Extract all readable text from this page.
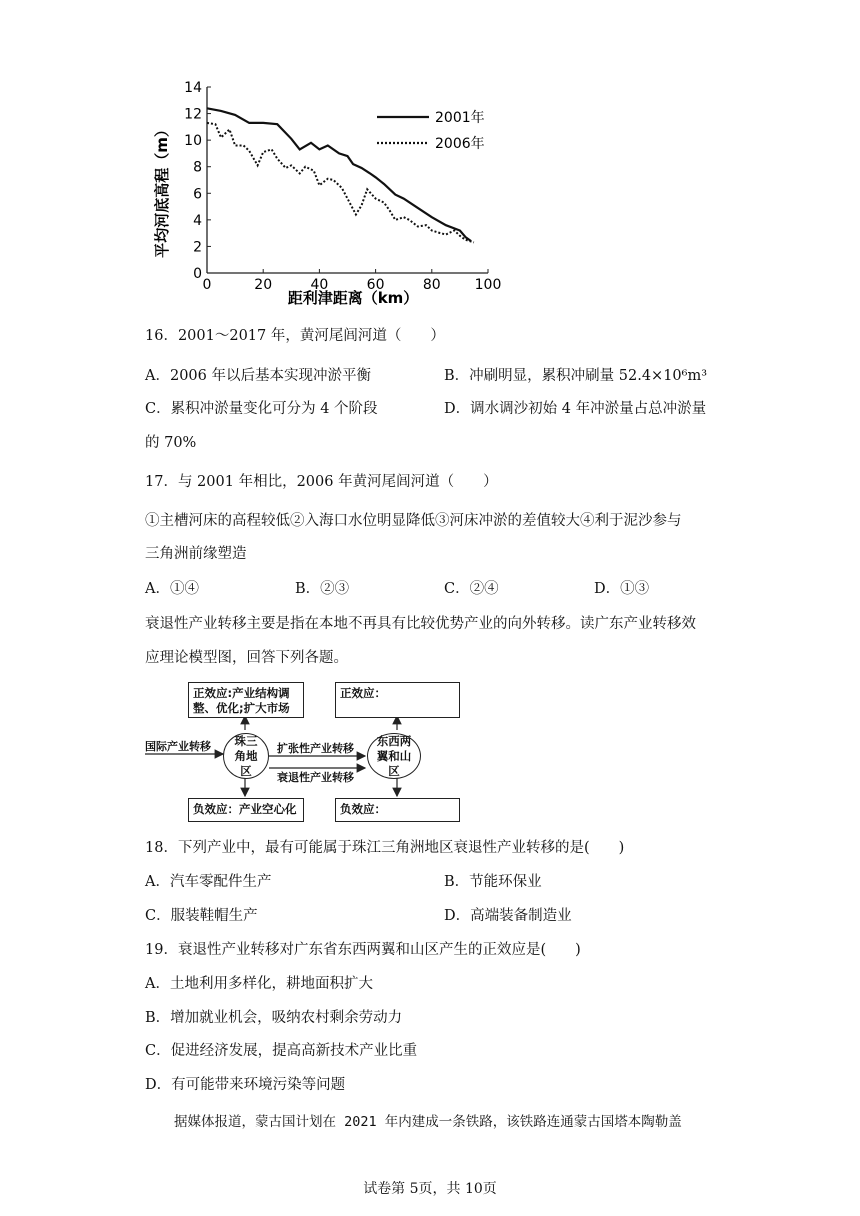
0	20	40	60	80 100
0
2
4
6
8
10
12
14
2001年
2006年
平均河底高程（m）
距利津距离（km）
16．2001～2017 年，黄河尾闾河道（　　）
A．2006 年以后基本实现冲淤平衡	B．冲刷明显，累积冲刷量 52.4×10⁶m³
C．累积冲淤量变化可分为 4 个阶段	D．调水调沙初始 4 年冲淤量占总冲淤量
的 70%
17．与 2001 年相比，2006 年黄河尾闾河道（　　）
①主槽河床的高程较低②入海口水位明显降低③河床冲淤的差值较大④利于泥沙参与
三角洲前缘塑造
A．①④	B．②③	C．②④	D．①③
衰退性产业转移主要是指在本地不再具有比较优势产业的向外转移。读广东产业转移效
应理论模型图，回答下列各题。
正效应:产业结构调整、优化;扩大市场
正效应：
负效应：产业空心化	负效应：
珠三角地区
东西两翼和山区
国际产业转移	扩张性产业转移
衰退性产业转移
18．下列产业中，最有可能属于珠江三角洲地区衰退性产业转移的是(　　)
A．汽车零配件生产	B．节能环保业
C．服装鞋帽生产	D．高端装备制造业
19．衰退性产业转移对广东省东西两翼和山区产生的正效应是(　　)
A．土地利用多样化，耕地面积扩大
B．增加就业机会，吸纳农村剩余劳动力
C．促进经济发展，提高高新技术产业比重
D．有可能带来环境污染等问题
据媒体报道，蒙古国计划在 2021 年内建成一条铁路，该铁路连通蒙古国塔本陶勒盖
试卷第 5页，共 10页
